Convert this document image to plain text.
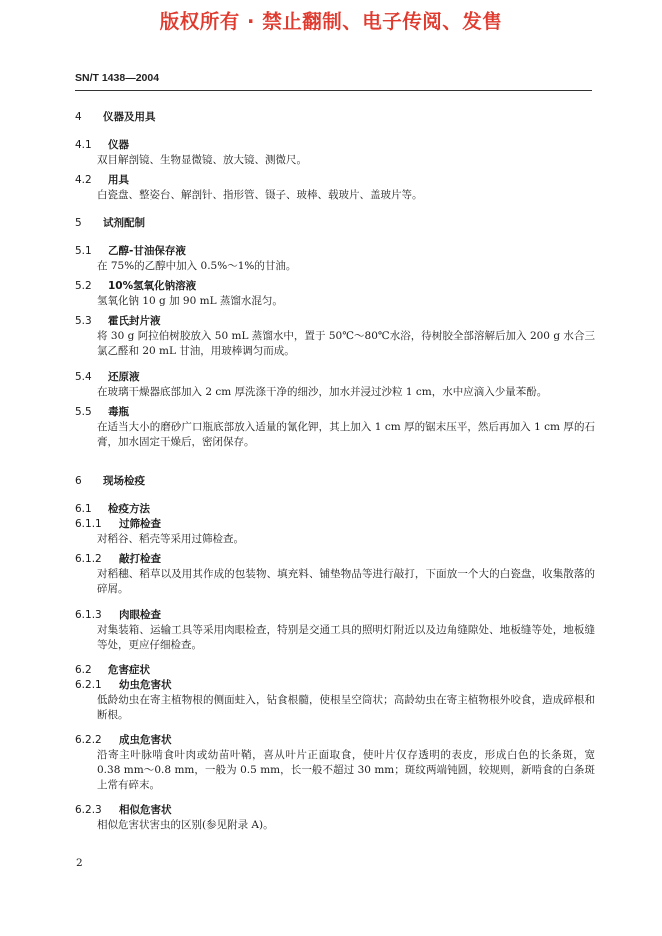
版权所有 · 禁止翻制、电子传阅、发售
SN/T 1438—2004
4 仪器及用具
4.1 仪器
双目解剖镜、生物显微镜、放大镜、测微尺。
4.2 用具
白瓷盘、整姿台、解剖针、指形管、镊子、玻棒、载玻片、盖玻片等。
5 试剂配制
5.1 乙醇-甘油保存液
在 75%的乙醇中加入 0.5%～1%的甘油。
5.2 10%氢氧化钠溶液
氢氧化钠 10 g 加 90 mL 蒸馏水混匀。
5.3 霍氏封片液
将 30 g 阿拉伯树胶放入 50 mL 蒸馏水中，置于 50℃～80℃水浴，待树胶全部溶解后加入 200 g 水合三氯乙醛和 20 mL 甘油，用玻棒调匀而成。
5.4 还原液
在玻璃干燥器底部加入 2 cm 厚洗涤干净的细沙，加水并浸过沙粒 1 cm，水中应滴入少量苯酚。
5.5 毒瓶
在适当大小的磨砂广口瓶底部放入适量的氰化钾，其上加入 1 cm 厚的锯末压平，然后再加入 1 cm 厚的石膏，加水固定干燥后，密闭保存。
6 现场检疫
6.1 检疫方法
6.1.1 过筛检查
对稻谷、稻壳等采用过筛检查。
6.1.2 敲打检查
对稻穗、稻草以及用其作成的包装物、填充料、铺垫物品等进行敲打，下面放一个大的白瓷盘，收集散落的碎屑。
6.1.3 肉眼检查
对集装箱、运输工具等采用肉眼检查，特别是交通工具的照明灯附近以及边角缝隙处、地板缝等处，地板缝等处，更应仔细检查。
6.2 危害症状
6.2.1 幼虫危害状
低龄幼虫在寄主植物根的侧面蛀入，钻食根髓，使根呈空筒状；高龄幼虫在寄主植物根外咬食，造成碎根和断根。
6.2.2 成虫危害状
沿寄主叶脉啃食叶肉或幼苗叶鞘，喜从叶片正面取食，使叶片仅存透明的表皮，形成白色的长条斑，宽 0.38 mm～0.8 mm，一般为 0.5 mm，长一般不超过 30 mm；斑纹两端钝圆，较规则，新啃食的白条斑上常有碎末。
6.2.3 相似危害状
相似危害状害虫的区别(参见附录 A)。
2
